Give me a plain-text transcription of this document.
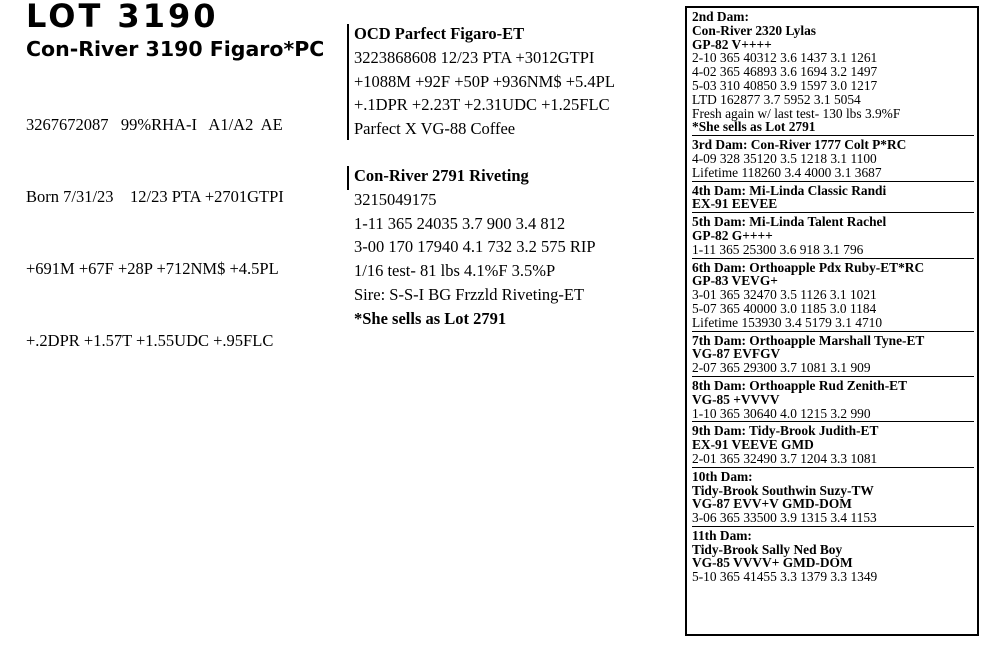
LOT 3190
Con-River 3190 Figaro*PC

3267672087   99%RHA-I   A1/A2  AE

Born 7/31/23    12/23 PTA +2701GTPI

+691M +67F +28P +712NM$ +4.5PL

+.2DPR +1.57T +1.55UDC +.95FLC

OCD Parfect Figaro-ET
3223868608 12/23 PTA +3012GTPI
+1088M +92F +50P +936NM$ +5.4PL
+.1DPR +2.23T +2.31UDC +1.25FLC
Parfect X VG-88 Coffee
Con-River 2791 Riveting
3215049175
1-11 365 24035 3.7 900 3.4 812
3-00 170 17940 4.1 732 3.2 575 RIP
1/16 test- 81 lbs 4.1%F 3.5%P
Sire: S-S-I BG Frzzld Riveting-ET
*She sells as Lot 2791
2nd Dam:
Con-River 2320 Lylas
GP-82 V++++
2-10 365 40312 3.6 1437 3.1 1261
4-02 365 46893 3.6 1694 3.2 1497
5-03 310 40850 3.9 1597 3.0 1217
LTD 162877 3.7 5952 3.1 5054
Fresh again w/ last test- 130 lbs 3.9%F
*She sells as Lot 2791
3rd Dam: Con-River 1777 Colt P*RC
4-09 328 35120 3.5 1218 3.1 1100
Lifetime 118260 3.4 4000 3.1 3687
4th Dam: Mi-Linda Classic Randi
EX-91 EEVEE
5th Dam: Mi-Linda Talent Rachel
GP-82 G++++
1-11 365 25300 3.6 918 3.1 796
6th Dam: Orthoapple Pdx Ruby-ET*RC
GP-83 VEVG+
3-01 365 32470 3.5 1126 3.1 1021
5-07 365 40000 3.0 1185 3.0 1184
Lifetime 153930 3.4 5179 3.1 4710
7th Dam: Orthoapple Marshall Tyne-ET
VG-87 EVFGV
2-07 365 29300 3.7 1081 3.1 909
8th Dam: Orthoapple Rud Zenith-ET
VG-85 +VVVV
1-10 365 30640 4.0 1215 3.2 990
9th Dam: Tidy-Brook Judith-ET
EX-91 VEEVE GMD
2-01 365 32490 3.7 1204 3.3 1081
10th Dam:
Tidy-Brook Southwin Suzy-TW
VG-87 EVV+V GMD-DOM
3-06 365 33500 3.9 1315 3.4 1153
11th Dam:
Tidy-Brook Sally Ned Boy
VG-85 VVVV+ GMD-DOM
5-10 365 41455 3.3 1379 3.3 1349
